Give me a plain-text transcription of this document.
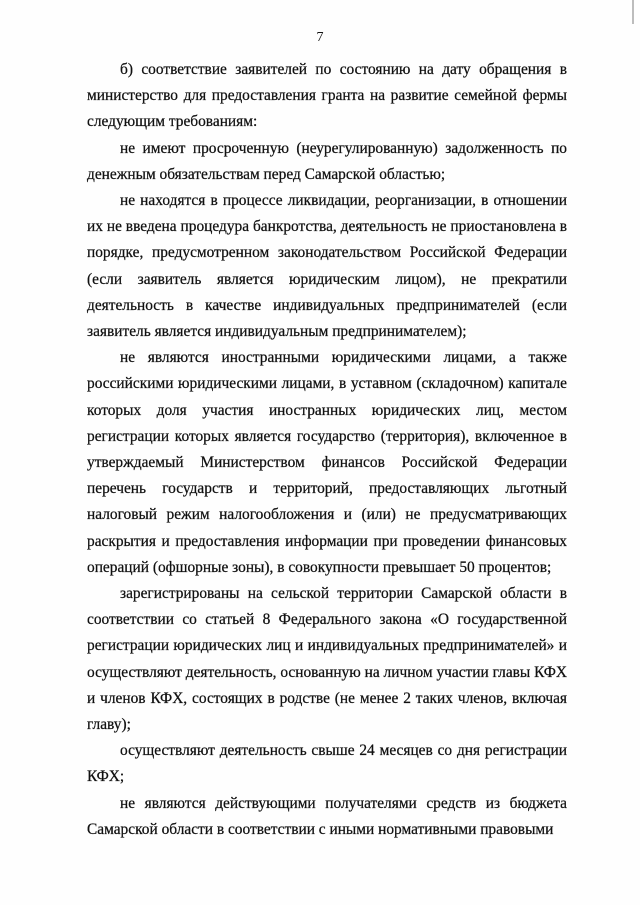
7

б) соответствие заявителей по состоянию на дату обращения в министерство для предоставления гранта на развитие семейной фермы следующим требованиям:

не имеют просроченную (неурегулированную) задолженность по денежным обязательствам перед Самарской областью;

не находятся в процессе ликвидации, реорганизации, в отношении их не введена процедура банкротства, деятельность не приостановлена в порядке, предусмотренном законодательством Российской Федерации (если заявитель является юридическим лицом), не прекратили деятельность в качестве индивидуальных предпринимателей (если заявитель является индивидуальным предпринимателем);

не являются иностранными юридическими лицами, а также российскими юридическими лицами, в уставном (складочном) капитале которых доля участия иностранных юридических лиц, местом регистрации которых является государство (территория), включенное в утверждаемый Министерством финансов Российской Федерации перечень государств и территорий, предоставляющих льготный налоговый режим налогообложения и (или) не предусматривающих раскрытия и предоставления информации при проведении финансовых операций (офшорные зоны), в совокупности превышает 50 процентов;

зарегистрированы на сельской территории Самарской области в соответствии со статьей 8 Федерального закона «О государственной регистрации юридических лиц и индивидуальных предпринимателей» и осуществляют деятельность, основанную на личном участии главы КФХ и членов КФХ, состоящих в родстве (не менее 2 таких членов, включая главу);

осуществляют деятельность свыше 24 месяцев со дня регистрации КФХ;

не являются действующими получателями средств из бюджета Самарской области в соответствии с иными нормативными правовыми
